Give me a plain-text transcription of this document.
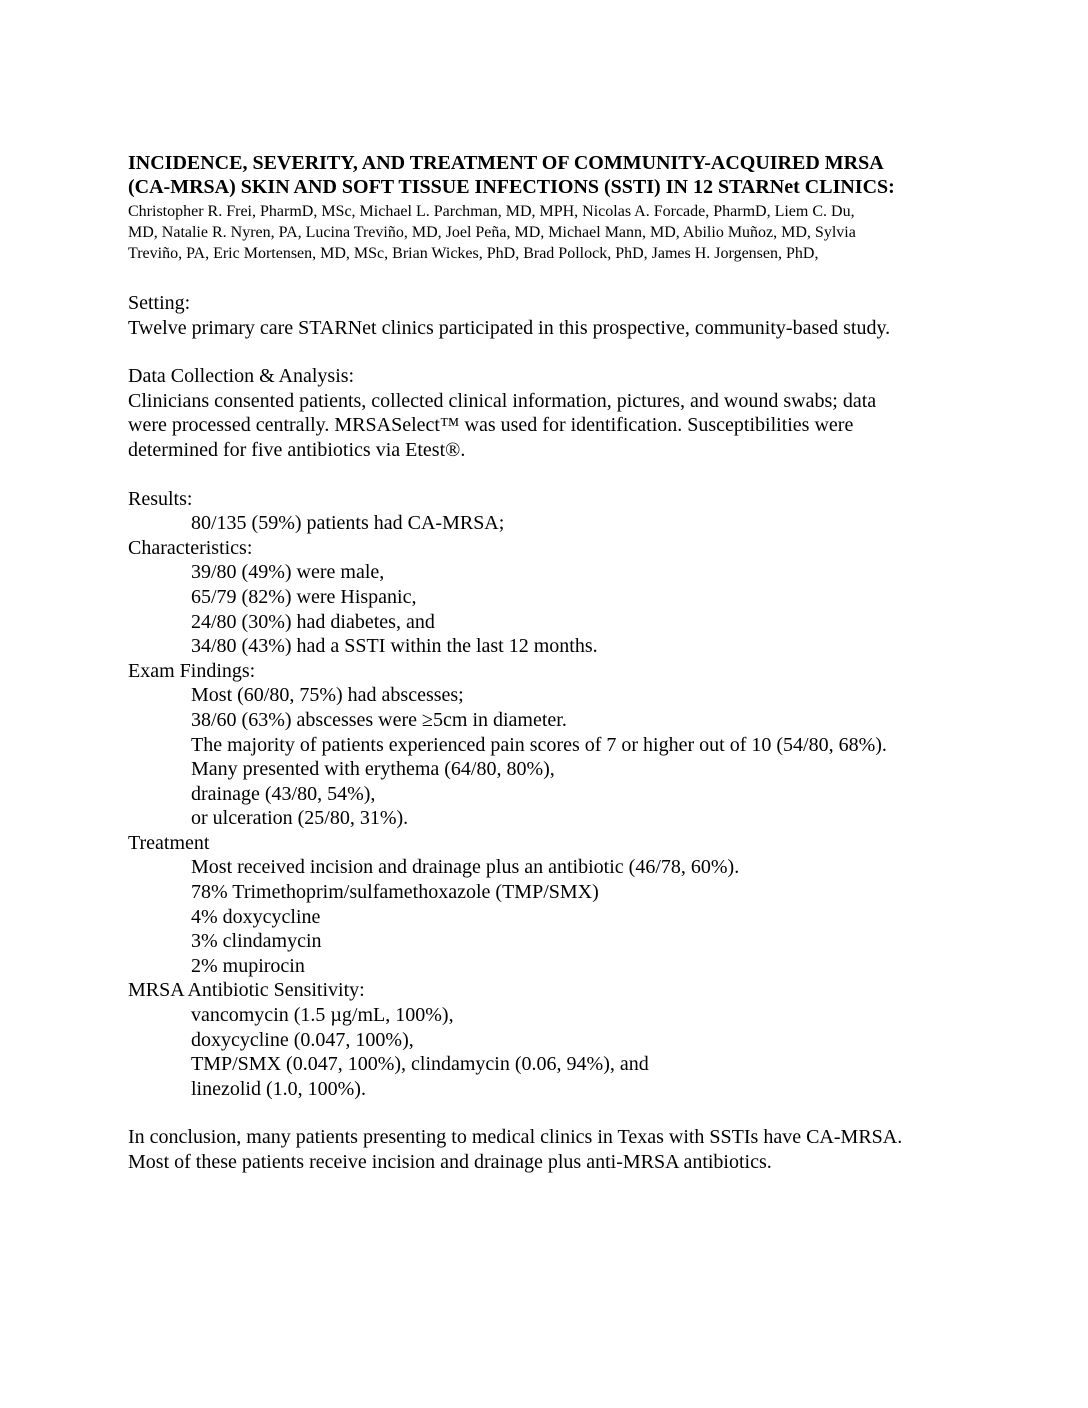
INCIDENCE, SEVERITY, AND TREATMENT OF COMMUNITY-ACQUIRED MRSA
(CA-MRSA) SKIN AND SOFT TISSUE INFECTIONS (SSTI) IN 12 STARNet CLINICS:
Christopher R. Frei, PharmD, MSc, Michael L. Parchman, MD, MPH, Nicolas A. Forcade, PharmD, Liem C. Du,
MD, Natalie R. Nyren, PA, Lucina Treviño, MD, Joel Peña, MD, Michael Mann, MD, Abilio Muñoz, MD, Sylvia
Treviño, PA, Eric Mortensen, MD, MSc, Brian Wickes, PhD, Brad Pollock, PhD, James H. Jorgensen, PhD,
Setting:
Twelve primary care STARNet clinics participated in this prospective, community-based study.
Data Collection & Analysis:
Clinicians consented patients, collected clinical information, pictures, and wound swabs; data
were processed centrally. MRSASelect™ was used for identification. Susceptibilities were
determined for five antibiotics via Etest®.
Results:
80/135 (59%) patients had CA-MRSA;
Characteristics:
39/80 (49%) were male,
65/79 (82%) were Hispanic,
24/80 (30%) had diabetes, and
34/80 (43%) had a SSTI within the last 12 months.
Exam Findings:
Most (60/80, 75%) had abscesses;
38/60 (63%) abscesses were ≥5cm in diameter.
The majority of patients experienced pain scores of 7 or higher out of 10 (54/80, 68%).
Many presented with erythema (64/80, 80%),
drainage (43/80, 54%),
or ulceration (25/80, 31%).
Treatment
Most received incision and drainage plus an antibiotic (46/78, 60%).
78% Trimethoprim/sulfamethoxazole (TMP/SMX)
4% doxycycline
3% clindamycin
2% mupirocin
MRSA Antibiotic Sensitivity:
vancomycin (1.5 µg/mL, 100%),
doxycycline (0.047, 100%),
TMP/SMX (0.047, 100%), clindamycin (0.06, 94%), and
linezolid (1.0, 100%).
In conclusion, many patients presenting to medical clinics in Texas with SSTIs have CA-MRSA.
Most of these patients receive incision and drainage plus anti-MRSA antibiotics.
